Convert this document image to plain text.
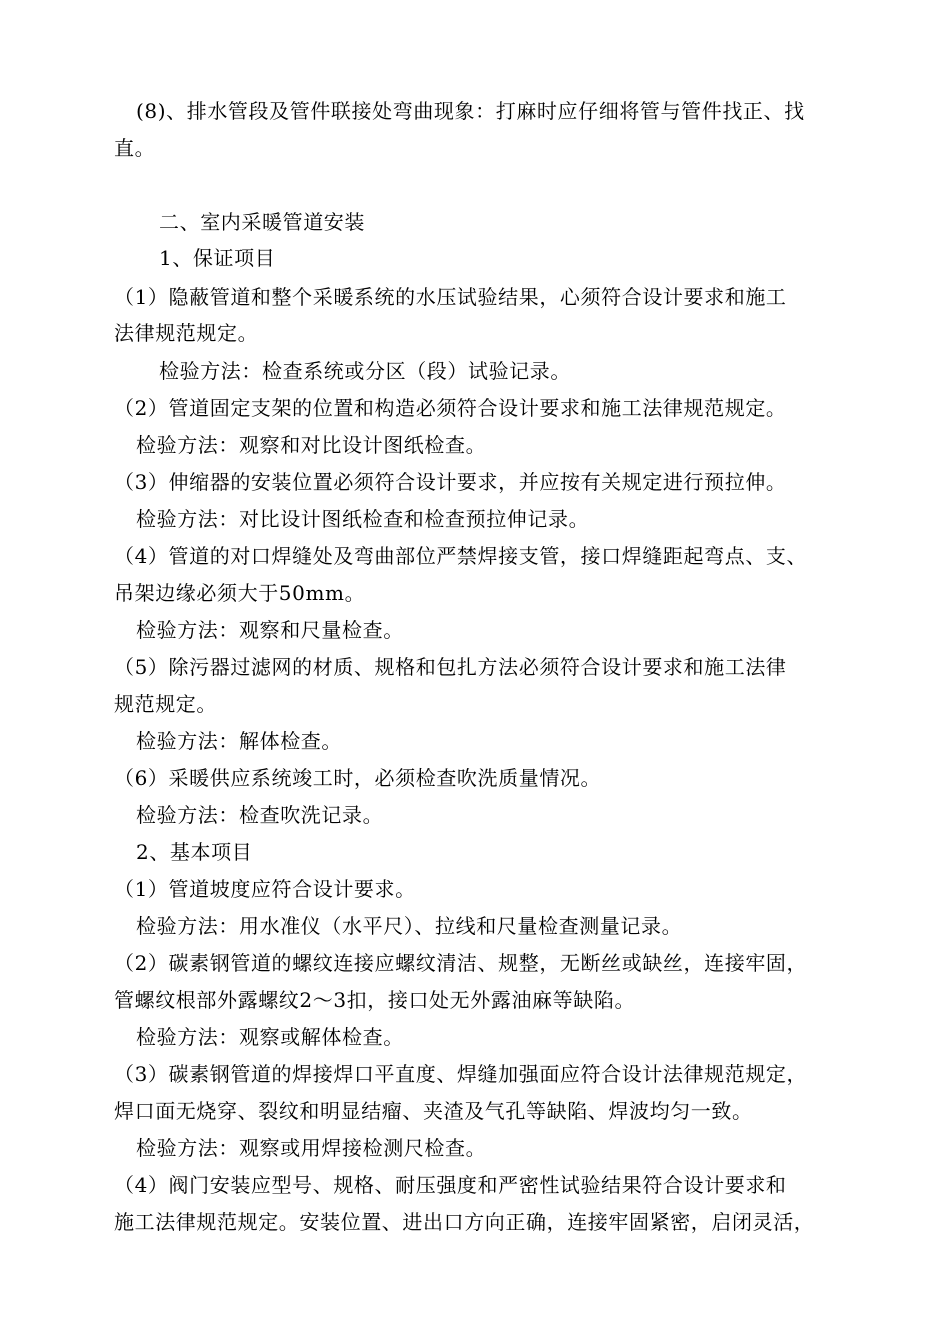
(8)、排水管段及管件联接处弯曲现象：打麻时应仔细将管与管件找正、找
直。
二、室内采暖管道安装
1、保证项目
（1）隐蔽管道和整个采暖系统的水压试验结果，心须符合设计要求和施工
法律规范规定。
检验方法：检查系统或分区（段）试验记录。
（2）管道固定支架的位置和构造必须符合设计要求和施工法律规范规定。
检验方法：观察和对比设计图纸检查。
（3）伸缩器的安装位置必须符合设计要求，并应按有关规定进行预拉伸。
检验方法：对比设计图纸检查和检查预拉伸记录。
（4）管道的对口焊缝处及弯曲部位严禁焊接支管，接口焊缝距起弯点、支、
吊架边缘必须大于50mm。
检验方法：观察和尺量检查。
（5）除污器过滤网的材质、规格和包扎方法必须符合设计要求和施工法律
规范规定。
检验方法：解体检查。
（6）采暖供应系统竣工时，必须检查吹洗质量情况。
检验方法：检查吹洗记录。
2、基本项目
（1）管道坡度应符合设计要求。
检验方法：用水准仪（水平尺）、拉线和尺量检查测量记录。
（2）碳素钢管道的螺纹连接应螺纹清洁、规整，无断丝或缺丝，连接牢固，
管螺纹根部外露螺纹2～3扣，接口处无外露油麻等缺陷。
检验方法：观察或解体检查。
（3）碳素钢管道的焊接焊口平直度、焊缝加强面应符合设计法律规范规定，
焊口面无烧穿、裂纹和明显结瘤、夹渣及气孔等缺陷、焊波均匀一致。
检验方法：观察或用焊接检测尺检查。
（4）阀门安装应型号、规格、耐压强度和严密性试验结果符合设计要求和
施工法律规范规定。安装位置、进出口方向正确，连接牢固紧密，启闭灵活，
